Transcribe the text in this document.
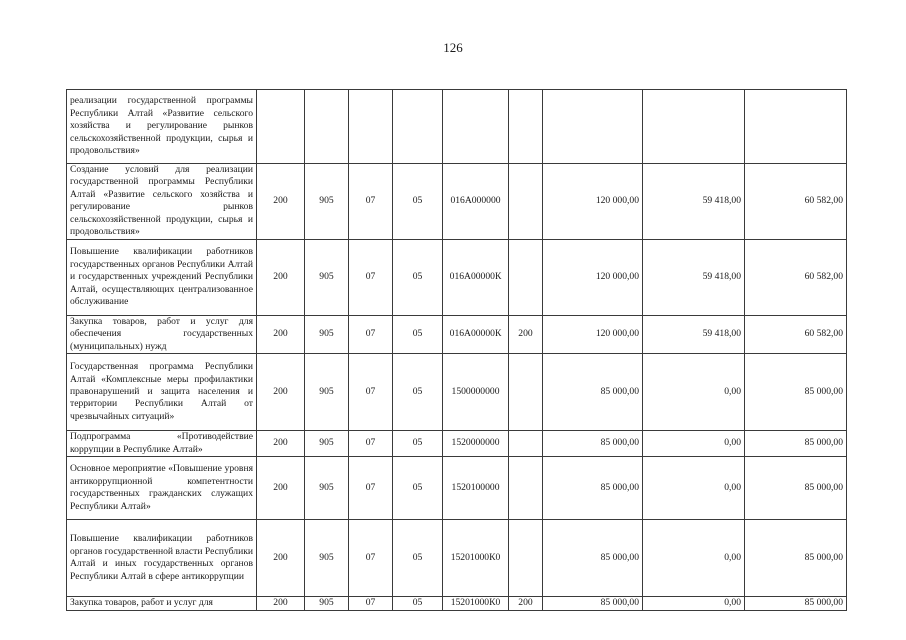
126
реализации государственной программы Республики Алтай «Развитие сельского хозяйства и регулирование рынков сельскохозяйственной продукции, сырья и продовольствия»									
Создание условий для реализации государственной программы Республики Алтай «Развитие сельского хозяйства и регулирование рынков сельскохозяйственной продукции, сырья и продовольствия»	200	905	07	05	016А000000		120 000,00	59 418,00	60 582,00
Повышение квалификации работников государственных органов Республики Алтай и государственных учреждений Республики Алтай, осуществляющих централизованное обслуживание	200	905	07	05	016А00000К		120 000,00	59 418,00	60 582,00
Закупка товаров, работ и услуг для обеспечения государственных (муниципальных) нужд	200	905	07	05	016А00000К	200	120 000,00	59 418,00	60 582,00
Государственная программа Республики Алтай «Комплексные меры профилактики правонарушений и защита населения и территории Республики Алтай от чрезвычайных ситуаций»	200	905	07	05	1500000000		85 000,00	0,00	85 000,00
Подпрограмма «Противодействие коррупции в Республике Алтай»	200	905	07	05	1520000000		85 000,00	0,00	85 000,00
Основное мероприятие «Повышение уровня антикоррупционной компетентности государственных гражданских служащих Республики Алтай»	200	905	07	05	1520100000		85 000,00	0,00	85 000,00
Повышение квалификации работников органов государственной власти Республики Алтай и иных государственных органов Республики Алтай в сфере антикоррупции	200	905	07	05	15201000К0		85 000,00	0,00	85 000,00
Закупка товаров, работ и услуг для	200	905	07	05	15201000К0	200	85 000,00	0,00	85 000,00
